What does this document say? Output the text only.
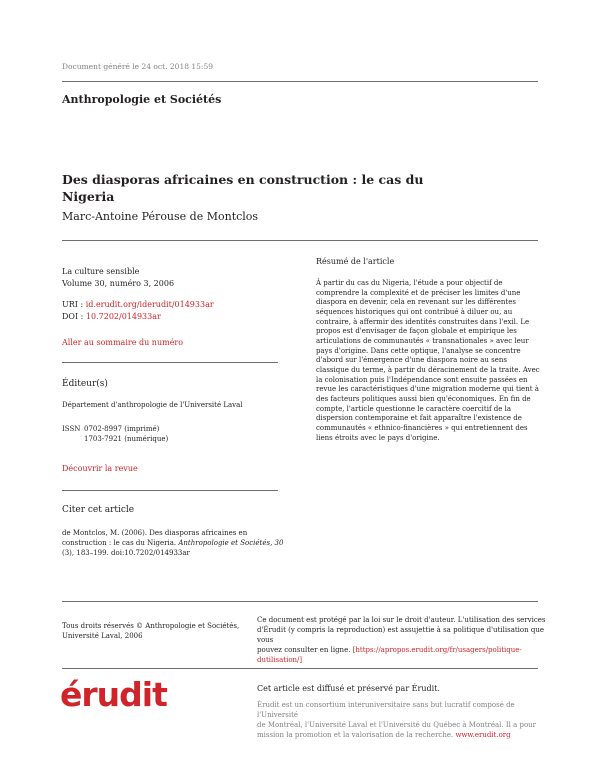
Document généré le 24 oct. 2018 15:59
Anthropologie et Sociétés
Des diasporas africaines en construction : le cas du
Nigeria
Marc-Antoine Pérouse de Montclos
La culture sensible
Volume 30, numéro 3, 2006
URI : id.erudit.org/iderudit/014933ar
DOI : 10.7202/014933ar
Aller au sommaire du numéro
Éditeur(s)
Département d'anthropologie de l'Université Laval
ISSN 0702-8997 (imprimé)
1703-7921 (numérique)
Découvrir la revue
Citer cet article
de Montclos, M. (2006). Des diasporas africaines en
construction : le cas du Nigeria. Anthropologie et Sociétés, 30
(3), 183–199. doi:10.7202/014933ar
Résumé de l'article
À partir du cas du Nigeria, l'étude a pour objectif de
comprendre la complexité et de préciser les limites d'une
diaspora en devenir, cela en revenant sur les différentes
séquences historiques qui ont contribué à diluer ou, au
contraire, à affermir des identités construites dans l'exil. Le
propos est d'envisager de façon globale et empirique les
articulations de communautés « transnationales » avec leur
pays d'origine. Dans cette optique, l'analyse se concentre
d'abord sur l'émergence d'une diaspora noire au sens
classique du terme, à partir du déracinement de la traite. Avec
la colonisation puis l'Indépendance sont ensuite passées en
revue les caractéristiques d'une migration moderne qui tient à
des facteurs politiques aussi bien qu'économiques. En fin de
compte, l'article questionne le caractère coercitif de la
dispersion contemporaine et fait apparaître l'existence de
communautés « ethnico-financières » qui entretiennent des
liens étroits avec le pays d'origine.
Tous droits réservés © Anthropologie et Sociétés,
Université Laval, 2006
Ce document est protégé par la loi sur le droit d'auteur. L'utilisation des services
d'Érudit (y compris la reproduction) est assujettie à sa politique d'utilisation que vous
pouvez consulter en ligne. [https://apropos.erudit.org/fr/usagers/politique-
dutilisation/]
érudit	Cet article est diffusé et préservé par Érudit.
Érudit est un consortium interuniversitaire sans but lucratif composé de l'Université
de Montréal, l'Université Laval et l'Université du Québec à Montréal. Il a pour
mission la promotion et la valorisation de la recherche. www.erudit.org
